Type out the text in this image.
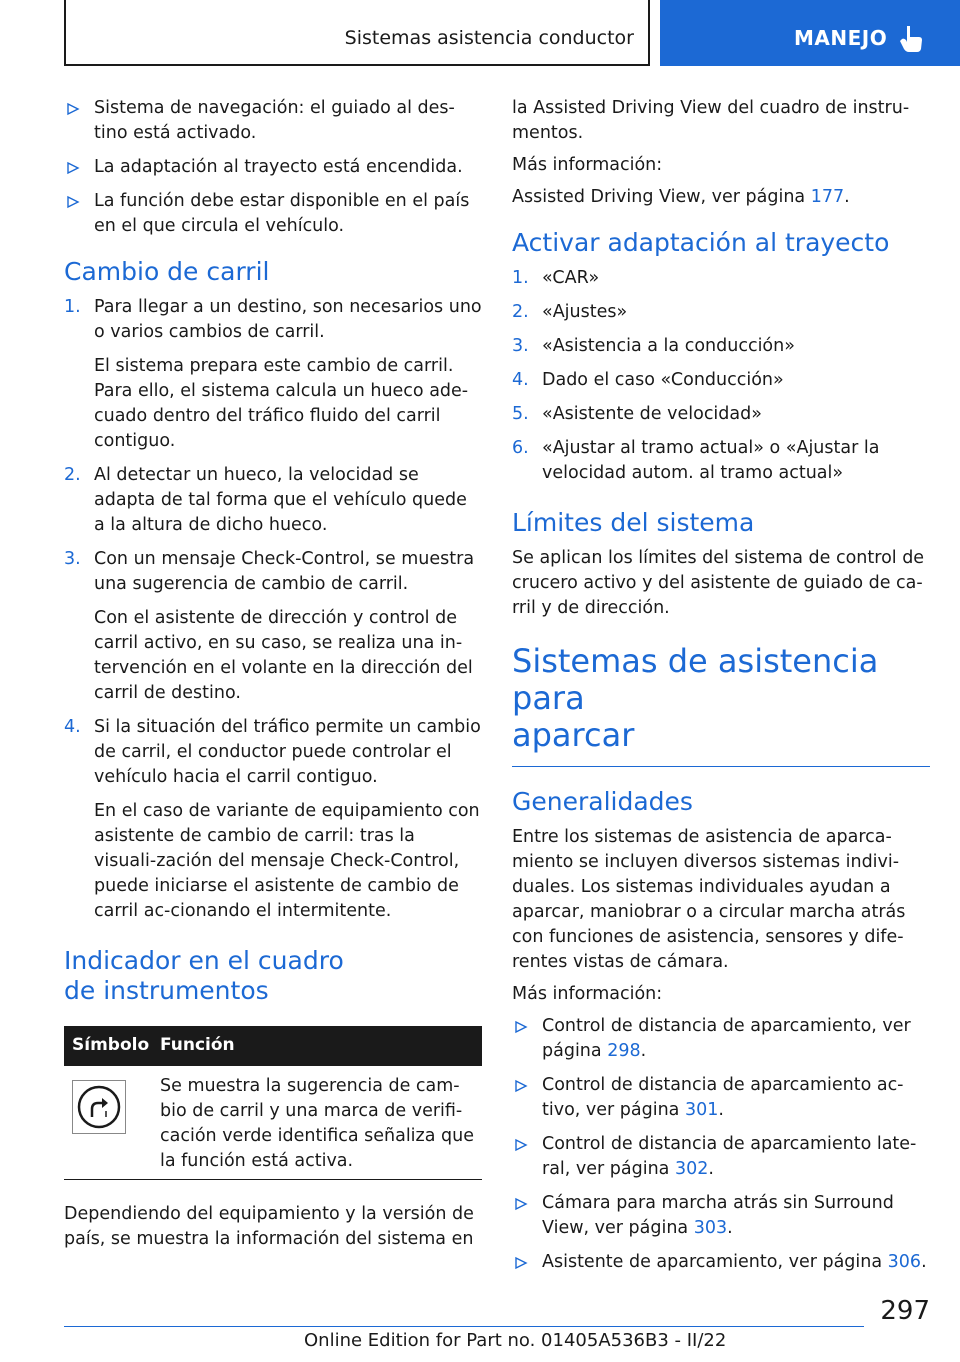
Sistemas asistencia conductor	MANEJO
Sistema de navegación: el guiado al des-tino está activado.
La adaptación al trayecto está encendida.
La función debe estar disponible en el país en el que circula el vehículo.
Cambio de carril
1. Para llegar a un destino, son necesarios uno o varios cambios de carril.
El sistema prepara este cambio de carril. Para ello, el sistema calcula un hueco ade-cuado dentro del tráfico fluido del carril contiguo.
2. Al detectar un hueco, la velocidad se adapta de tal forma que el vehículo quede a la altura de dicho hueco.
3. Con un mensaje Check-Control, se muestra una sugerencia de cambio de carril.
Con el asistente de dirección y control de carril activo, en su caso, se realiza una in-tervención en el volante en la dirección del carril de destino.
4. Si la situación del tráfico permite un cambio de carril, el conductor puede controlar el vehículo hacia el carril contiguo.
En el caso de variante de equipamiento con asistente de cambio de carril: tras la visuali-zación del mensaje Check-Control, puede iniciarse el asistente de cambio de carril ac-cionando el intermitente.
Indicador en el cuadro
de instrumentos
Símbolo Función
Se muestra la sugerencia de cam-bio de carril y una marca de verifi-cación verde identifica señaliza que la función está activa.
Dependiendo del equipamiento y la versión de país, se muestra la información del sistema en
la Assisted Driving View del cuadro de instru-mentos.
Más información:
Assisted Driving View, ver página 177.
Activar adaptación al trayecto
1. «CAR»
2. «Ajustes»
3. «Asistencia a la conducción»
4. Dado el caso «Conducción»
5. «Asistente de velocidad»
6. «Ajustar al tramo actual» o «Ajustar la velocidad autom. al tramo actual»
Límites del sistema
Se aplican los límites del sistema de control de crucero activo y del asistente de guiado de ca-rril y de dirección.
Sistemas de asistencia para
aparcar
Generalidades
Entre los sistemas de asistencia de aparca-miento se incluyen diversos sistemas indivi-duales. Los sistemas individuales ayudan a aparcar, maniobrar o a circular marcha atrás con funciones de asistencia, sensores y dife-rentes vistas de cámara.
Más información:
Control de distancia de aparcamiento, ver página 298.
Control de distancia de aparcamiento ac-tivo, ver página 301.
Control de distancia de aparcamiento late-ral, ver página 302.
Cámara para marcha atrás sin Surround View, ver página 303.
Asistente de aparcamiento, ver página 306.
297
Online Edition for Part no. 01405A536B3 - II/22
